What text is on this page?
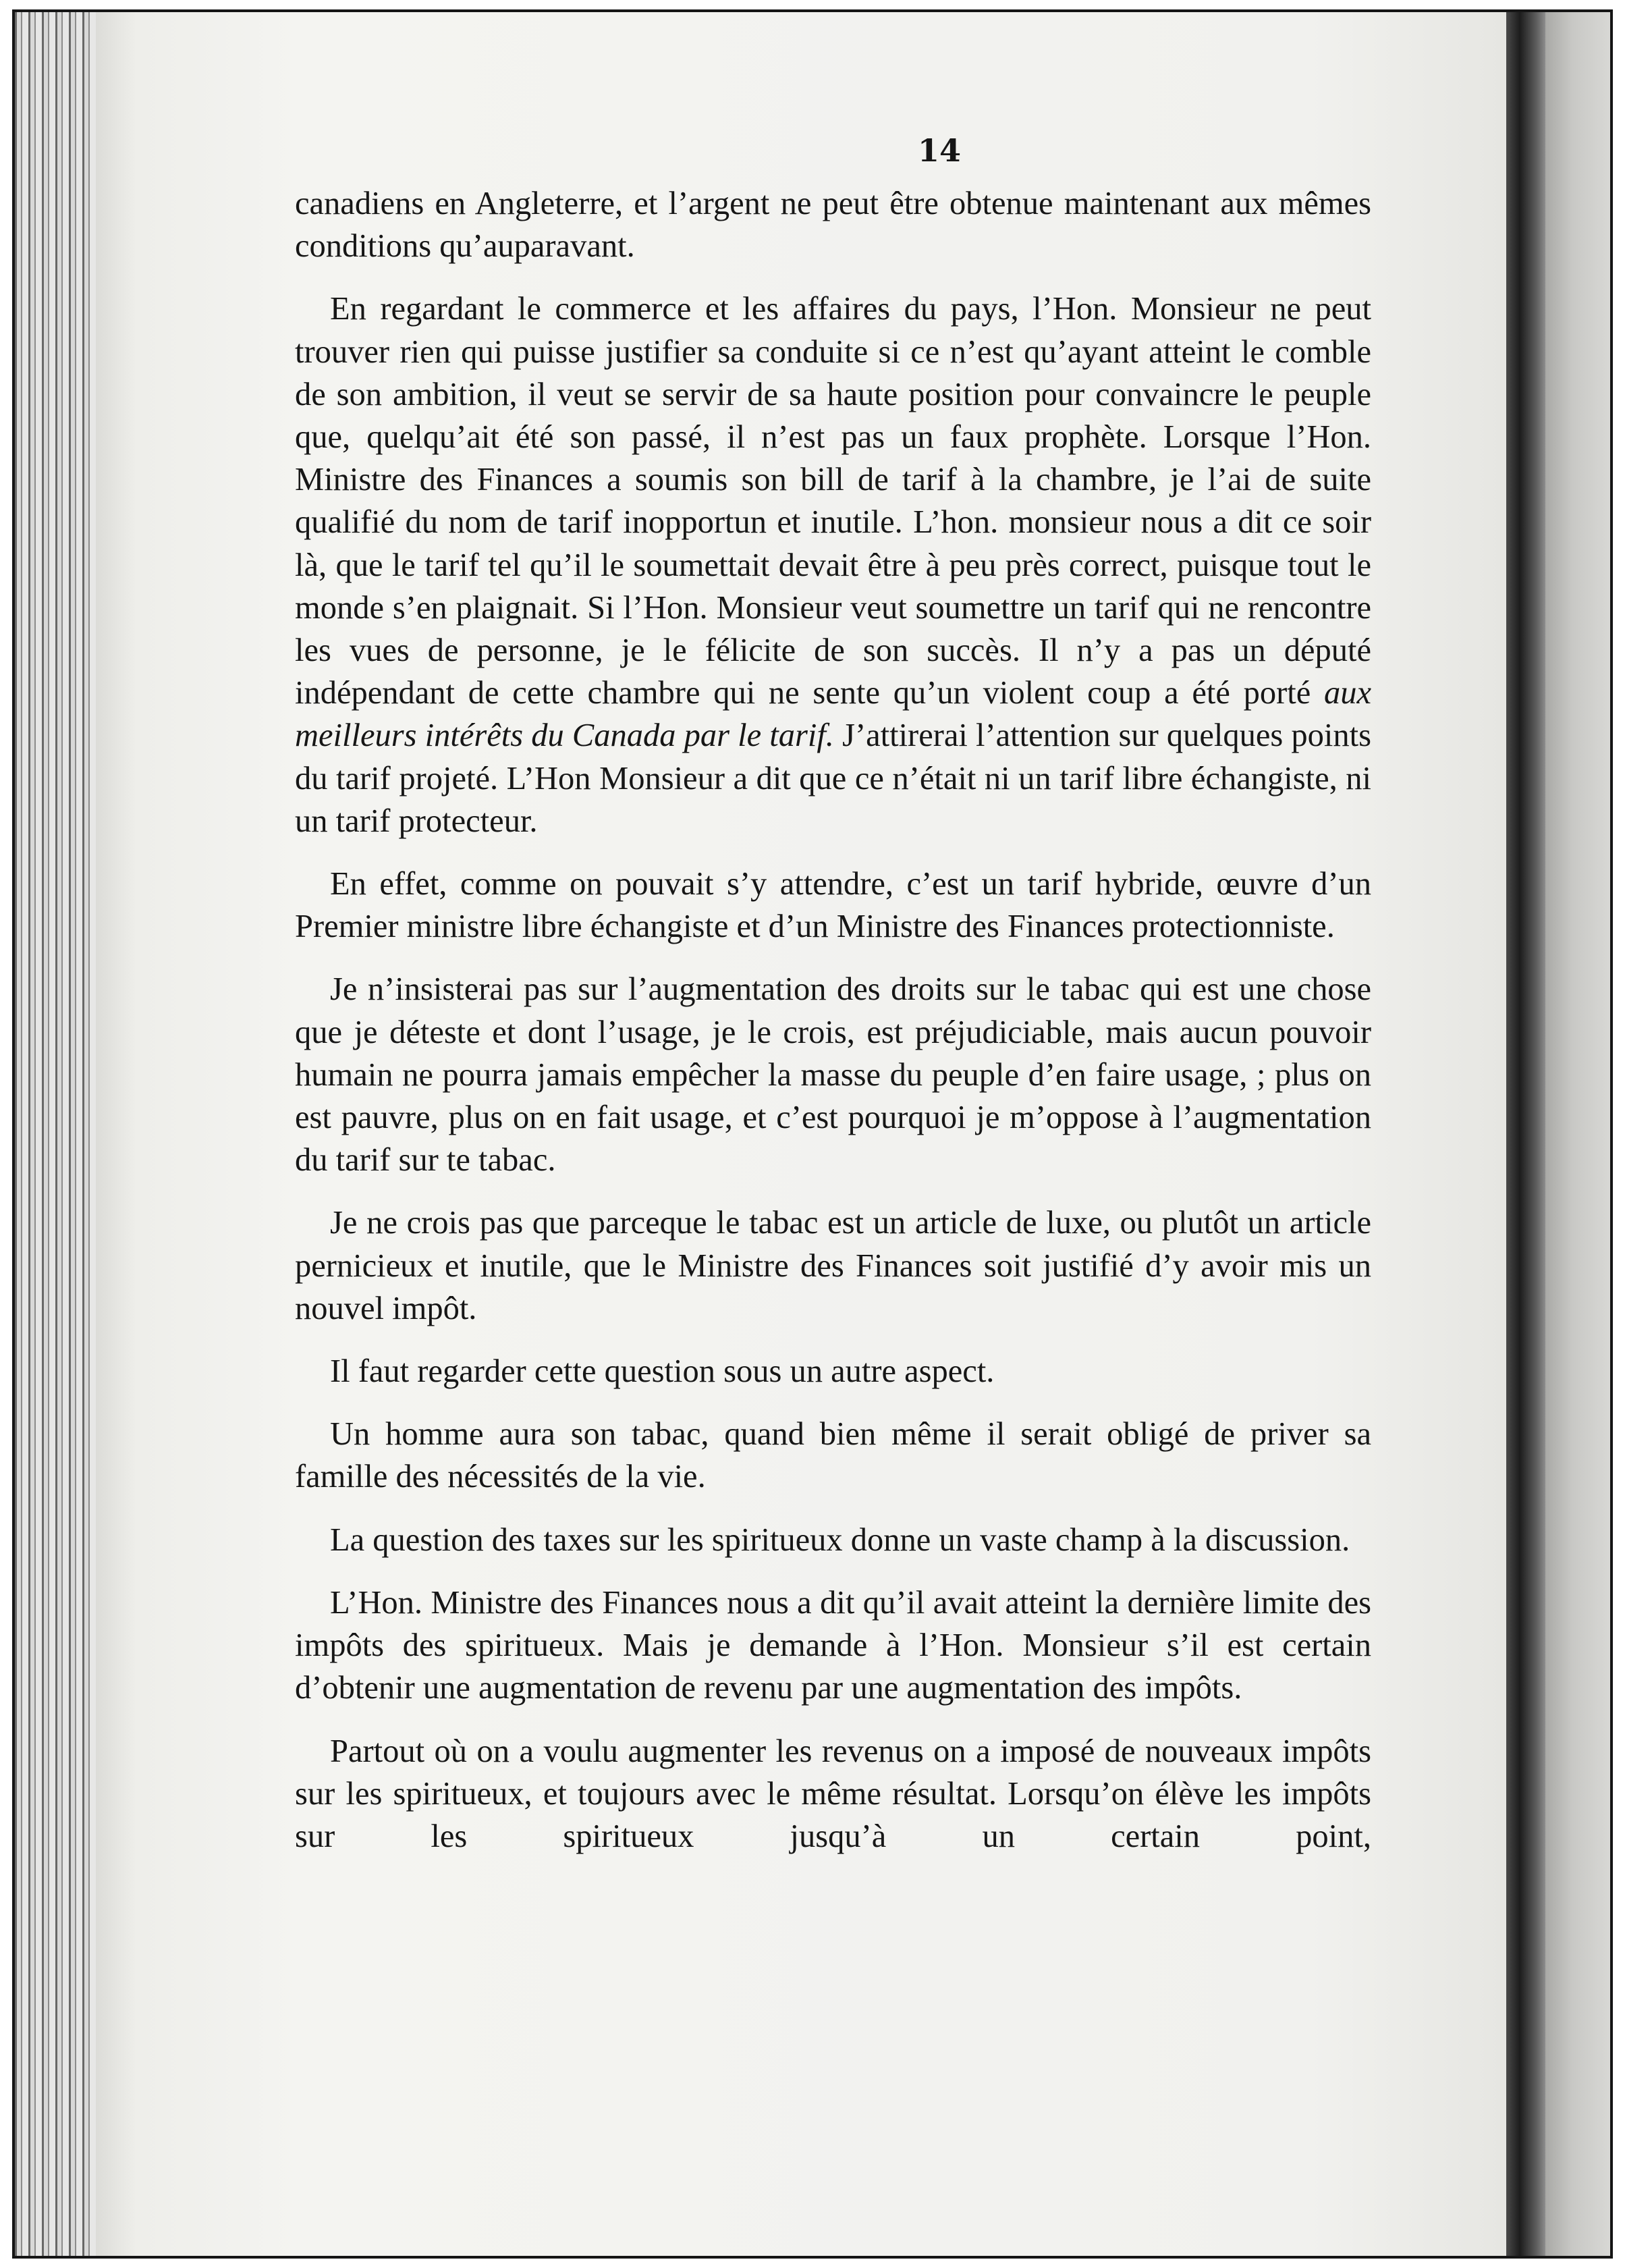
14

canadiens en Angleterre, et l’argent ne peut être obtenue maintenant aux mêmes conditions qu’auparavant.

En regardant le commerce et les affaires du pays, l’Hon. Monsieur ne peut trouver rien qui puisse justifier sa conduite si ce n’est qu’ayant atteint le comble de son ambition, il veut se servir de sa haute position pour convaincre le peuple que, quelqu’ait été son passé, il n’est pas un faux prophète. Lorsque l’Hon. Ministre des Finances a soumis son bill de tarif à la chambre, je l’ai de suite qualifié du nom de tarif inopportun et inutile. L’hon. monsieur nous a dit ce soir là, que le tarif tel qu’il le soumettait devait être à peu près correct, puisque tout le monde s’en plaignait. Si l’Hon. Monsieur veut soumettre un tarif qui ne rencontre les vues de personne, je le félicite de son succès. Il n’y a pas un député indépendant de cette chambre qui ne sente qu’un violent coup a été porté aux meilleurs intérêts du Canada par le tarif. J’attirerai l’attention sur quelques points du tarif projeté. L’Hon Monsieur a dit que ce n’était ni un tarif libre échangiste, ni un tarif protecteur.

En effet, comme on pouvait s’y attendre, c’est un tarif hybride, œuvre d’un Premier ministre libre échangiste et d’un Ministre des Finances protectionniste.

Je n’insisterai pas sur l’augmentation des droits sur le tabac qui est une chose que je déteste et dont l’usage, je le crois, est préjudiciable, mais aucun pouvoir humain ne pourra jamais empêcher la masse du peuple d’en faire usage, ; plus on est pauvre, plus on en fait usage, et c’est pourquoi je m’oppose à l’augmentation du tarif sur te tabac.

Je ne crois pas que parceque le tabac est un article de luxe, ou plutôt un article pernicieux et inutile, que le Ministre des Finances soit justifié d’y avoir mis un nouvel impôt.

Il faut regarder cette question sous un autre aspect.

Un homme aura son tabac, quand bien même il serait obligé de priver sa famille des nécessités de la vie.

La question des taxes sur les spiritueux donne un vaste champ à la discussion.

L’Hon. Ministre des Finances nous a dit qu’il avait atteint la dernière limite des impôts des spiritueux. Mais je demande à l’Hon. Monsieur s’il est certain d’obtenir une augmentation de revenu par une augmentation des impôts.

Partout où on a voulu augmenter les revenus on a imposé de nouveaux impôts sur les spiritueux, et toujours avec le même résultat. Lorsqu’on élève les impôts sur les spiritueux jusqu’à un certain point,
